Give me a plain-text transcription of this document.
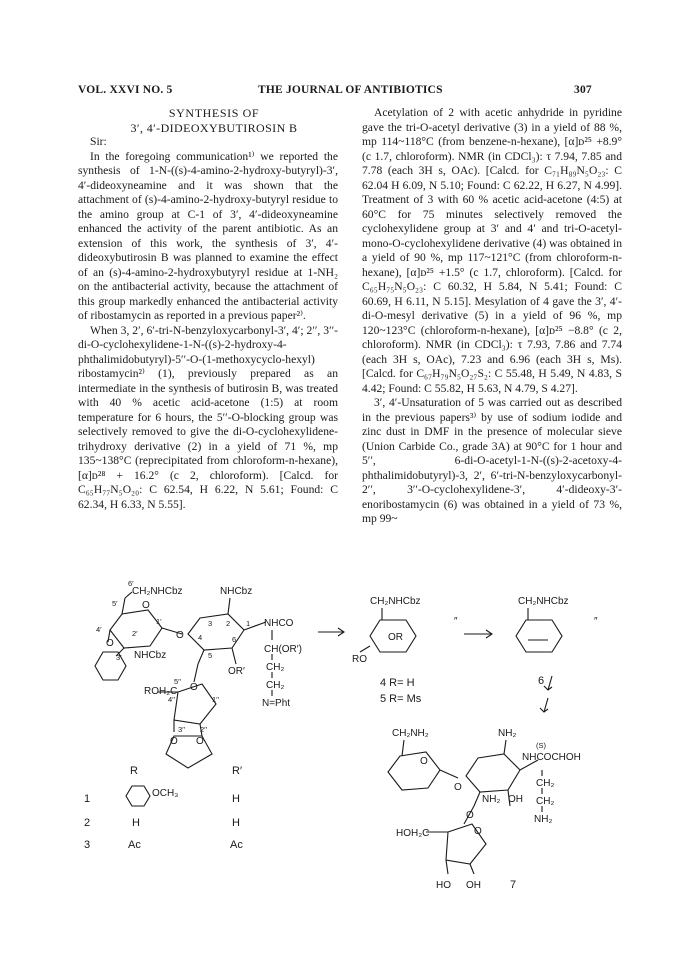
VOL. XXVI NO. 5	THE JOURNAL OF ANTIBIOTICS	307

SYNTHESIS OF

3′, 4′-DIDEOXYBUTIROSIN B

Sir:

In the foregoing communication¹⁾ we reported the synthesis of 1-N-((s)-4-amino-2-hydroxy-butyryl)-3′, 4′-dideoxyneamine and it was shown that the attachment of (s)-4-amino-2-hydroxy-butyryl residue to the amino group at C-1 of 3′, 4′-dideoxyneamine enhanced the activity of the parent antibiotic. As an extension of this work, the synthesis of 3′, 4′-dideoxybutirosin B was planned to examine the effect of an (s)-4-amino-2-hydroxybutyryl residue at 1-NH₂ on the antibacterial activity, because the attachment of this group markedly enhanced the antibacterial activity of ribostamycin as reported in a previous paper²⁾.

When 3, 2′, 6′-tri-N-benzyloxycarbonyl-3′, 4′; 2′′, 3′′-di-O-cyclohexylidene-1-N-((s)-2-hydroxy-4-phthalimidobutyryl)-5′′-O-(1-methoxycyclo-hexyl) ribostamycin²⁾ (1), previously prepared as an intermediate in the synthesis of butirosin B, was treated with 40 % acetic acid-acetone (1:5) at room temperature for 6 hours, the 5′′-O-blocking group was selectively removed to give the di-O-cyclohexylidene-trihydroxy derivative (2) in a yield of 71 %, mp 135~138°C (reprecipitated from chloroform-n-hexane), [α]ᴅ²⁸ + 16.2° (c 2, chloroform). [Calcd. for C₆₅H₇₇N₅O₂₀: C 62.54, H 6.22, N 5.61; Found: C 62.34, H 6.33, N 5.55].

Acetylation of 2 with acetic anhydride in pyridine gave the tri-O-acetyl derivative (3) in a yield of 88 %, mp 114~118°C (from benzene-n-hexane), [α]ᴅ²⁵ +8.9° (c 1.7, chloroform). NMR (in CDCl₃): τ 7.94, 7.85 and 7.78 (each 3H s, OAc). [Calcd. for C₇₁H₈₉N₅O₂₃: C 62.04 H 6.09, N 5.10; Found: C 62.22, H 6.27, N 4.99]. Treatment of 3 with 60 % acetic acid-acetone (4:5) at 60°C for 75 minutes selectively removed the cyclohexylidene group at 3′ and 4′ and tri-O-acetyl-mono-O-cyclohexylidene derivative (4) was obtained in a yield of 90 %, mp 117~121°C (from chloroform-n-hexane), [α]ᴅ²⁵ +1.5° (c 1.7, chloroform). [Calcd. for C₆₅H₇₅N₅O₂₃: C 60.32, H 5.84, N 5.41; Found: C 60.69, H 6.11, N 5.15]. Mesylation of 4 gave the 3′, 4′-di-O-mesyl derivative (5) in a yield of 96 %, mp 120~123°C (chloroform-n-hexane), [α]ᴅ²⁵ −8.8° (c 2, chloroform). NMR (in CDCl₃): τ 7.93, 7.86 and 7.74 (each 3H s, OAc), 7.23 and 6.96 (each 3H s, Ms). [Calcd. for C₆₇H₇₉N₅O₂₇S₂: C 55.48, H 5.49, N 4.83, S 4.42; Found: C 55.82, H 5.63, N 4.79, S 4.27].

3′, 4′-Unsaturation of 5 was carried out as described in the previous papers³⁾ by use of sodium iodide and zinc dust in DMF in the presence of molecular sieve (Union Carbide Co., grade 3A) at 90°C for 1 hour and 5′′, 6-di-O-acetyl-1-N-((s)-2-acetoxy-4-phthalimidobutyryl)-3, 2′, 6′-tri-N-benzyloxycarbonyl-2′′, 3′′-O-cyclohexylidene-3′, 4′-dideoxy-3′-enoribostamycin (6) was obtained in a yield of 73 %, mp 99~

6′
CH₂NHCbz
5′ O
4′	2′
1′
3′
O
NHCbz
O
NHCbz
3 2 1
4	6
5
OR′
NHCO
CH(OR′)
CH₂
CH₂
N=Pht
O
ROH₂C
5′′
4′′	1′′
3′′ 2′′
O O
R	R′
1	OCH₃	H
2	H	H
3	Ac	Ac
CH₂NHCbz
″
OR
RO
4 R= H
5 R= Ms
CH₂NHCbz
″
6
CH₂NH₂
O
O
NH₂
(S)
NHCOCHOH
CH₂
CH₂
NH₂
NH₂ OH
O
O
HOH₂C
HO OH	7
